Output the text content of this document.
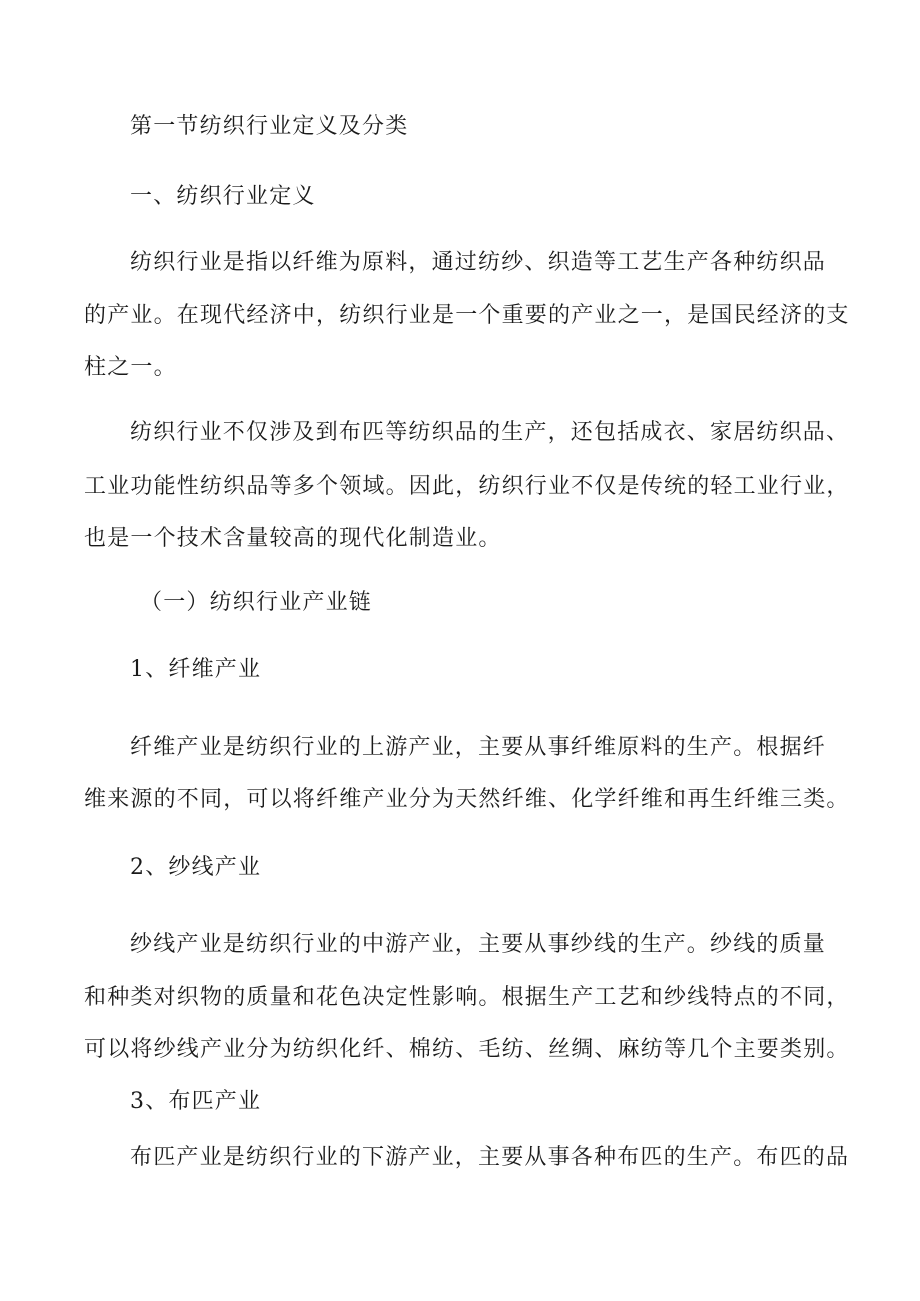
第一节纺织行业定义及分类
一、纺织行业定义
纺织行业是指以纤维为原料，通过纺纱、织造等工艺生产各种纺织品
的产业。在现代经济中，纺织行业是一个重要的产业之一，是国民经济的支
柱之一。
纺织行业不仅涉及到布匹等纺织品的生产，还包括成衣、家居纺织品、
工业功能性纺织品等多个领域。因此，纺织行业不仅是传统的轻工业行业，
也是一个技术含量较高的现代化制造业。
（一）纺织行业产业链
1、纤维产业
纤维产业是纺织行业的上游产业，主要从事纤维原料的生产。根据纤
维来源的不同，可以将纤维产业分为天然纤维、化学纤维和再生纤维三类。
2、纱线产业
纱线产业是纺织行业的中游产业，主要从事纱线的生产。纱线的质量
和种类对织物的质量和花色决定性影响。根据生产工艺和纱线特点的不同，
可以将纱线产业分为纺织化纤、棉纺、毛纺、丝绸、麻纺等几个主要类别。
3、布匹产业
布匹产业是纺织行业的下游产业，主要从事各种布匹的生产。布匹的品
